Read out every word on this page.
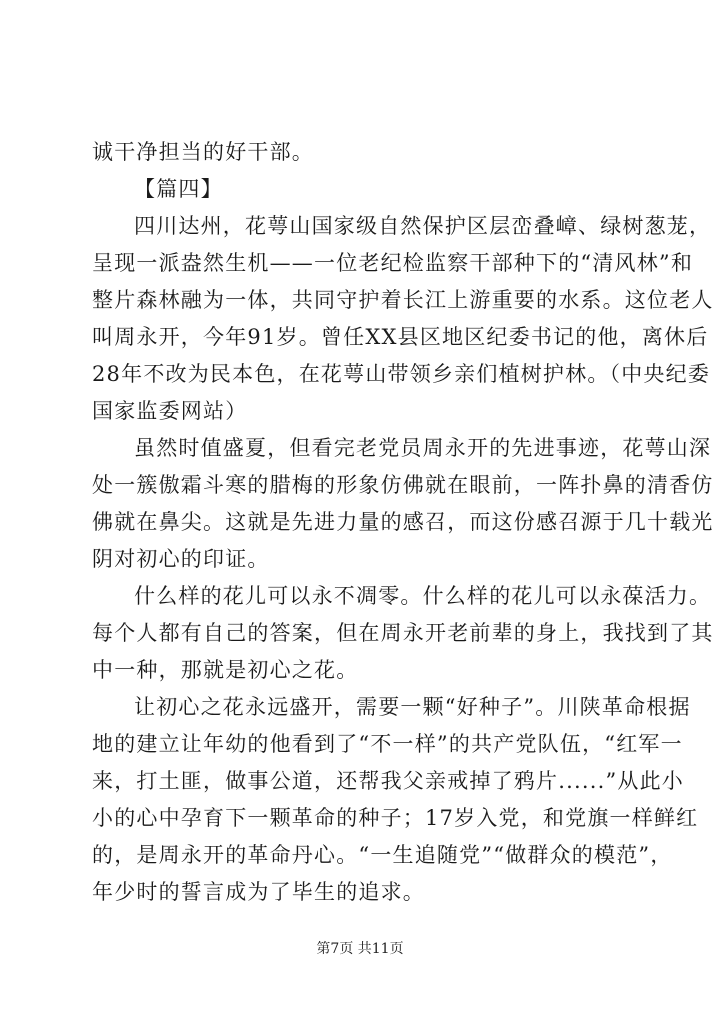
诚干净担当的好干部。
【篇四】
四川达州，花萼山国家级自然保护区层峦叠嶂、绿树葱茏，
呈现一派盎然生机——一位老纪检监察干部种下的“清风林”和
整片森林融为一体，共同守护着长江上游重要的水系。这位老人
叫周永开，今年91岁。曾任XX县区地区纪委书记的他，离休后
28年不改为民本色，在花萼山带领乡亲们植树护林。（中央纪委
国家监委网站）
虽然时值盛夏，但看完老党员周永开的先进事迹，花萼山深
处一簇傲霜斗寒的腊梅的形象仿佛就在眼前，一阵扑鼻的清香仿
佛就在鼻尖。这就是先进力量的感召，而这份感召源于几十载光
阴对初心的印证。
什么样的花儿可以永不凋零。什么样的花儿可以永葆活力。
每个人都有自己的答案，但在周永开老前辈的身上，我找到了其
中一种，那就是初心之花。
让初心之花永远盛开，需要一颗“好种子”。川陕革命根据
地的建立让年幼的他看到了“不一样”的共产党队伍，“红军一
来，打土匪，做事公道，还帮我父亲戒掉了鸦片......”从此小
小的心中孕育下一颗革命的种子；17岁入党，和党旗一样鲜红
的，是周永开的革命丹心。“一生追随党”“做群众的模范”，
年少时的誓言成为了毕生的追求。
第7页 共11页
